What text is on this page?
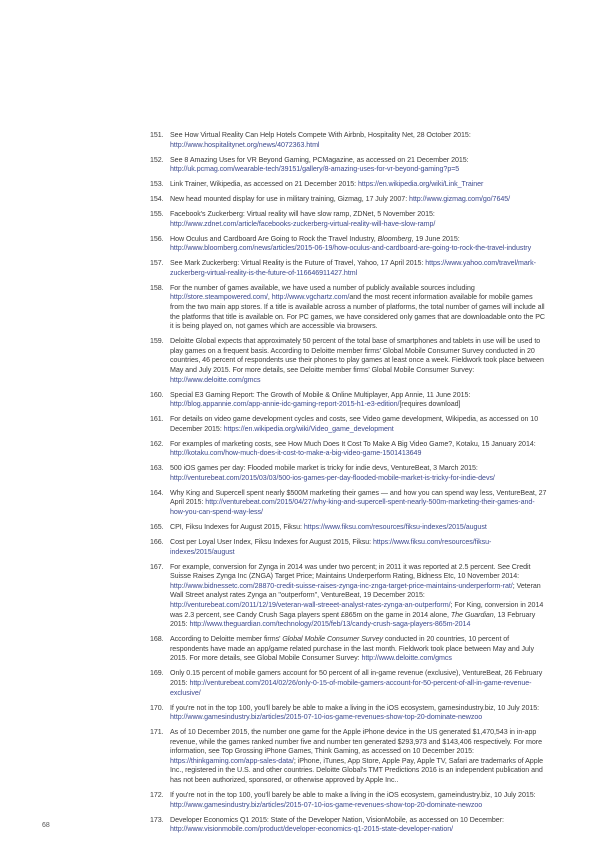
151. See How Virtual Reality Can Help Hotels Compete With Airbnb, Hospitality Net, 28 October 2015: http://www.hospitalitynet.org/news/4072363.html
152. See 8 Amazing Uses for VR Beyond Gaming, PCMagazine, as accessed on 21 December 2015: http://uk.pcmag.com/wearable-tech/39151/gallery/8-amazing-uses-for-vr-beyond-gaming?p=5
153. Link Trainer, Wikipedia, as accessed on 21 December 2015: https://en.wikipedia.org/wiki/Link_Trainer
154. New head mounted display for use in military training, Gizmag, 17 July 2007: http://www.gizmag.com/go/7645/
155. Facebook's Zuckerberg: Virtual reality will have slow ramp, ZDNet, 5 November 2015: http://www.zdnet.com/article/facebooks-zuckerberg-virtual-reality-will-have-slow-ramp/
156. How Oculus and Cardboard Are Going to Rock the Travel Industry, Bloomberg, 19 June 2015: http://www.bloomberg.com/news/articles/2015-06-19/how-oculus-and-cardboard-are-going-to-rock-the-travel-industry
157. See Mark Zuckerberg: Virtual Reality is the Future of Travel, Yahoo, 17 April 2015: https://www.yahoo.com/travel/mark-zuckerberg-virtual-reality-is-the-future-of-116646911427.html
158. For the number of games available, we have used a number of publicly available sources including http://store.steampowered.com/, http://www.vgchartz.com/and the most recent information available for mobile games from the two main app stores. If a title is available across a number of platforms, the total number of games will include all the platforms that title is available on. For PC games, we have considered only games that are downloadable onto the PC it is being played on, not games which are accessible via browsers.
159. Deloitte Global expects that approximately 50 percent of the total base of smartphones and tablets in use will be used to play games on a frequent basis. According to Deloitte member firms' Global Mobile Consumer Survey conducted in 20 countries, 46 percent of respondents use their phones to play games at least once a week. Fieldwork took place between May and July 2015. For more details, see Deloitte member firms' Global Mobile Consumer Survey: http://www.deloitte.com/gmcs
160. Special E3 Gaming Report: The Growth of Mobile & Online Multiplayer, App Annie, 11 June 2015: http://blog.appannie.com/app-annie-idc-gaming-report-2015-h1-e3-edition/[requires download]
161. For details on video game development cycles and costs, see Video game development, Wikipedia, as accessed on 10 December 2015: https://en.wikipedia.org/wiki/Video_game_development
162. For examples of marketing costs, see How Much Does It Cost To Make A Big Video Game?, Kotaku, 15 January 2014: http://kotaku.com/how-much-does-it-cost-to-make-a-big-video-game-1501413649
163. 500 iOS games per day: Flooded mobile market is tricky for indie devs, VentureBeat, 3 March 2015: http://venturebeat.com/2015/03/03/500-ios-games-per-day-flooded-mobile-market-is-tricky-for-indie-devs/
164. Why King and Supercell spent nearly $500M marketing their games — and how you can spend way less, VentureBeat, 27 April 2015: http://venturebeat.com/2015/04/27/why-king-and-supercell-spent-nearly-500m-marketing-their-games-and-how-you-can-spend-way-less/
165. CPI, Fiksu Indexes for August 2015, Fiksu: https://www.fiksu.com/resources/fiksu-indexes/2015/august
166. Cost per Loyal User Index, Fiksu Indexes for August 2015, Fiksu: https://www.fiksu.com/resources/fiksu-indexes/2015/august
167. For example, conversion for Zynga in 2014 was under two percent; in 2011 it was reported at 2.5 percent. See Credit Suisse Raises Zynga Inc (ZNGA) Target Price; Maintains Underperform Rating, Bidness Etc, 10 November 2014: http://www.bidnessetc.com/28870-credit-suisse-raises-zynga-inc-znga-target-price-maintains-underperform-rat/; Veteran Wall Street analyst rates Zynga an "outperform", VentureBeat, 19 December 2015: http://venturebeat.com/2011/12/19/veteran-wall-streeet-analyst-rates-zynga-an-outperform/; For King, conversion in 2014 was 2.3 percent, see Candy Crush Saga players spent £865m on the game in 2014 alone, The Guardian, 13 February 2015: http://www.theguardian.com/technology/2015/feb/13/candy-crush-saga-players-865m-2014
168. According to Deloitte member firms' Global Mobile Consumer Survey conducted in 20 countries, 10 percent of respondents have made an app/game related purchase in the last month. Fieldwork took place between May and July 2015. For more details, see Global Mobile Consumer Survey: http://www.deloitte.com/gmcs
169. Only 0.15 percent of mobile gamers account for 50 percent of all in-game revenue (exclusive), VentureBeat, 26 February 2015: http://venturebeat.com/2014/02/26/only-0-15-of-mobile-gamers-account-for-50-percent-of-all-in-game-revenue-exclusive/
170. If you're not in the top 100, you'll barely be able to make a living in the iOS ecosystem, gamesindustry.biz, 10 July 2015: http://www.gamesindustry.biz/articles/2015-07-10-ios-game-revenues-show-top-20-dominate-newzoo
171. As of 10 December 2015, the number one game for the Apple iPhone device in the US generated $1,470,543 in in-app revenue, while the games ranked number five and number ten generated $293,973 and $143,406 respectively. For more information, see Top Grossing iPhone Games, Think Gaming, as accessed on 10 December 2015: https://thinkgaming.com/app-sales-data/; iPhone, iTunes, App Store, Apple Pay, Apple TV, Safari are trademarks of Apple Inc., registered in the U.S. and other countries. Deloitte Global's TMT Predictions 2016 is an independent publication and has not been authorized, sponsored, or otherwise approved by Apple Inc..
172. If you're not in the top 100, you'll barely be able to make a living in the iOS ecosystem, gameindustry.biz, 10 July 2015: http://www.gamesindustry.biz/articles/2015-07-10-ios-game-revenues-show-top-20-dominate-newzoo
173. Developer Economics Q1 2015: State of the Developer Nation, VisionMobile, as accessed on 10 December: http://www.visionmobile.com/product/developer-economics-q1-2015-state-developer-nation/
68
